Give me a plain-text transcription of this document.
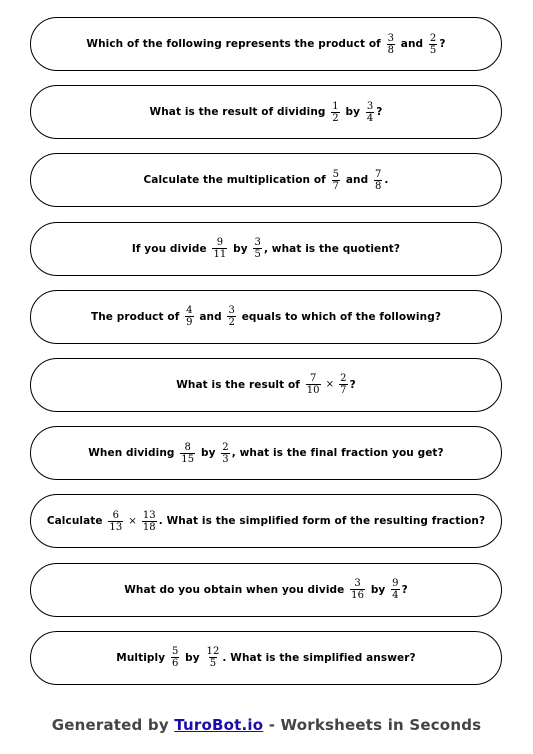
Which of the following represents the product of $\frac{3}{8}$ and $\frac{2}{5}$ ?
What is the result of dividing $\frac{1}{2}$ by $\frac{3}{4}$ ?
Calculate the multiplication of $\frac{5}{7}$ and $\frac{7}{8}$ .
If you divide $\frac{9}{11}$ by $\frac{3}{5}$ , what is the quotient?
The product of $\frac{4}{9}$ and $\frac{3}{2}$ equals to which of the following?
What is the result of $\frac{7}{10} \times \frac{2}{7}$ ?
When dividing $\frac{8}{15}$ by $\frac{2}{3}$ , what is the final fraction you get?
Calculate $\frac{6}{13} \times \frac{13}{18}$ . What is the simplified form of the resulting fraction?
What do you obtain when you divide $\frac{3}{16}$ by $\frac{9}{4}$ ?
Multiply $\frac{5}{6}$ by $\frac{12}{5}$ . What is the simplified answer?
Generated by TuroBot.io - Worksheets in Seconds
